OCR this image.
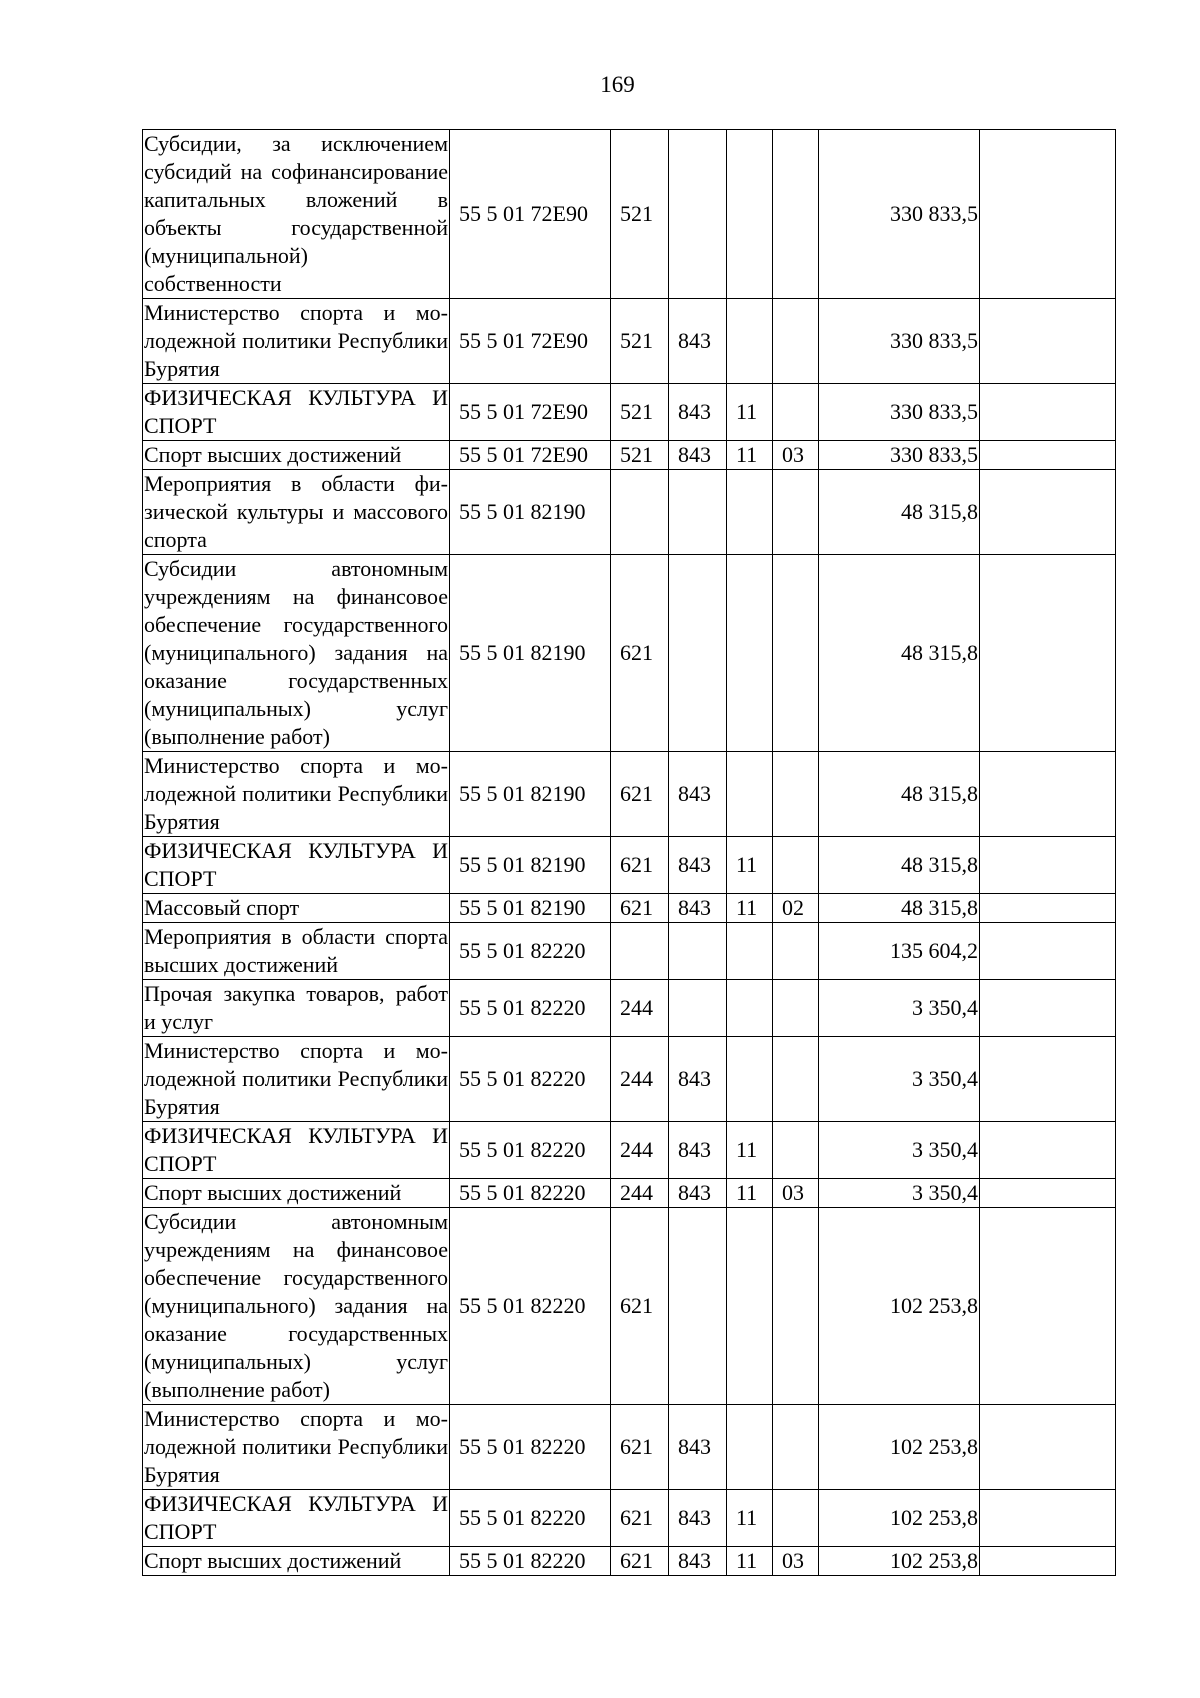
169
Субсидии, за исключением субсидий на софинансирование капитальных вложений в объекты государственной (муниципальной) собственности	55 5 01 72E90	521				330 833,5	
Министерство спорта и молодежной политики Республики Бурятия	55 5 01 72E90	521	843			330 833,5	
ФИЗИЧЕСКАЯ КУЛЬТУРА И СПОРТ	55 5 01 72E90	521	843	11		330 833,5	
Спорт высших достижений	55 5 01 72E90	521	843	11	03	330 833,5	
Мероприятия в области физической культуры и массового спорта	55 5 01 82190					48 315,8	
Субсидии автономным учреждениям на финансовое обеспечение государственного (муниципального) задания на оказание государственных (муниципальных) услуг (выполнение работ)	55 5 01 82190	621				48 315,8	
Министерство спорта и молодежной политики Республики Бурятия	55 5 01 82190	621	843			48 315,8	
ФИЗИЧЕСКАЯ КУЛЬТУРА И СПОРТ	55 5 01 82190	621	843	11		48 315,8	
Массовый спорт	55 5 01 82190	621	843	11	02	48 315,8	
Мероприятия в области спорта высших достижений	55 5 01 82220					135 604,2	
Прочая закупка товаров, работ и услуг	55 5 01 82220	244				3 350,4	
Министерство спорта и молодежной политики Республики Бурятия	55 5 01 82220	244	843			3 350,4	
ФИЗИЧЕСКАЯ КУЛЬТУРА И СПОРТ	55 5 01 82220	244	843	11		3 350,4	
Спорт высших достижений	55 5 01 82220	244	843	11	03	3 350,4	
Субсидии автономным учреждениям на финансовое обеспечение государственного (муниципального) задания на оказание государственных (муниципальных) услуг (выполнение работ)	55 5 01 82220	621				102 253,8	
Министерство спорта и молодежной политики Республики Бурятия	55 5 01 82220	621	843			102 253,8	
ФИЗИЧЕСКАЯ КУЛЬТУРА И СПОРТ	55 5 01 82220	621	843	11		102 253,8	
Спорт высших достижений	55 5 01 82220	621	843	11	03	102 253,8	
